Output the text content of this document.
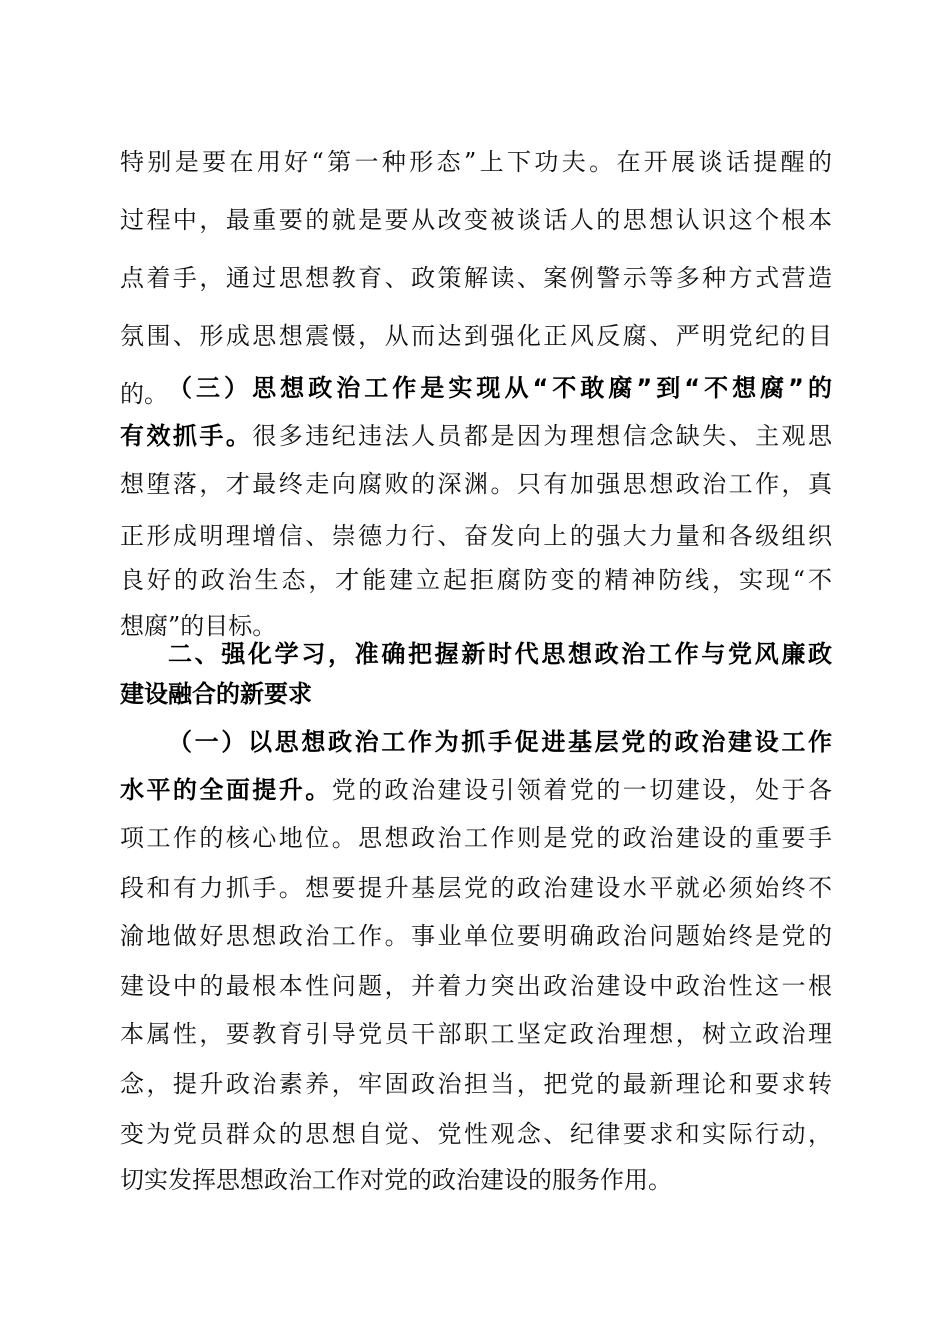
特别是要在用好“第一种形态”上下功夫。在开展谈话提醒的
过程中，最重要的就是要从改变被谈话人的思想认识这个根本
点着手，通过思想教育、政策解读、案例警示等多种方式营造
氛围、形成思想震慑，从而达到强化正风反腐、严明党纪的目
的。 （三）思想政治工作是实现从“不敢腐”到“不想腐”的
有效抓手。很多违纪违法人员都是因为理想信念缺失、主观思
想堕落，才最终走向腐败的深渊。只有加强思想政治工作，真
正形成明理增信、崇德力行、奋发向上的强大力量和各级组织
良好的政治生态，才能建立起拒腐防变的精神防线，实现“不
想腐”的目标。
二、强化学习，准确把握新时代思想政治工作与党风廉政
建设融合的新要求
（一）以思想政治工作为抓手促进基层党的政治建设工作
水平的全面提升。党的政治建设引领着党的一切建设，处于各
项工作的核心地位。思想政治工作则是党的政治建设的重要手
段和有力抓手。想要提升基层党的政治建设水平就必须始终不
渝地做好思想政治工作。事业单位要明确政治问题始终是党的
建设中的最根本性问题，并着力突出政治建设中政治性这一根
本属性，要教育引导党员干部职工坚定政治理想，树立政治理
念，提升政治素养，牢固政治担当，把党的最新理论和要求转
变为党员群众的思想自觉、党性观念、纪律要求和实际行动，
切实发挥思想政治工作对党的政治建设的服务作用。
